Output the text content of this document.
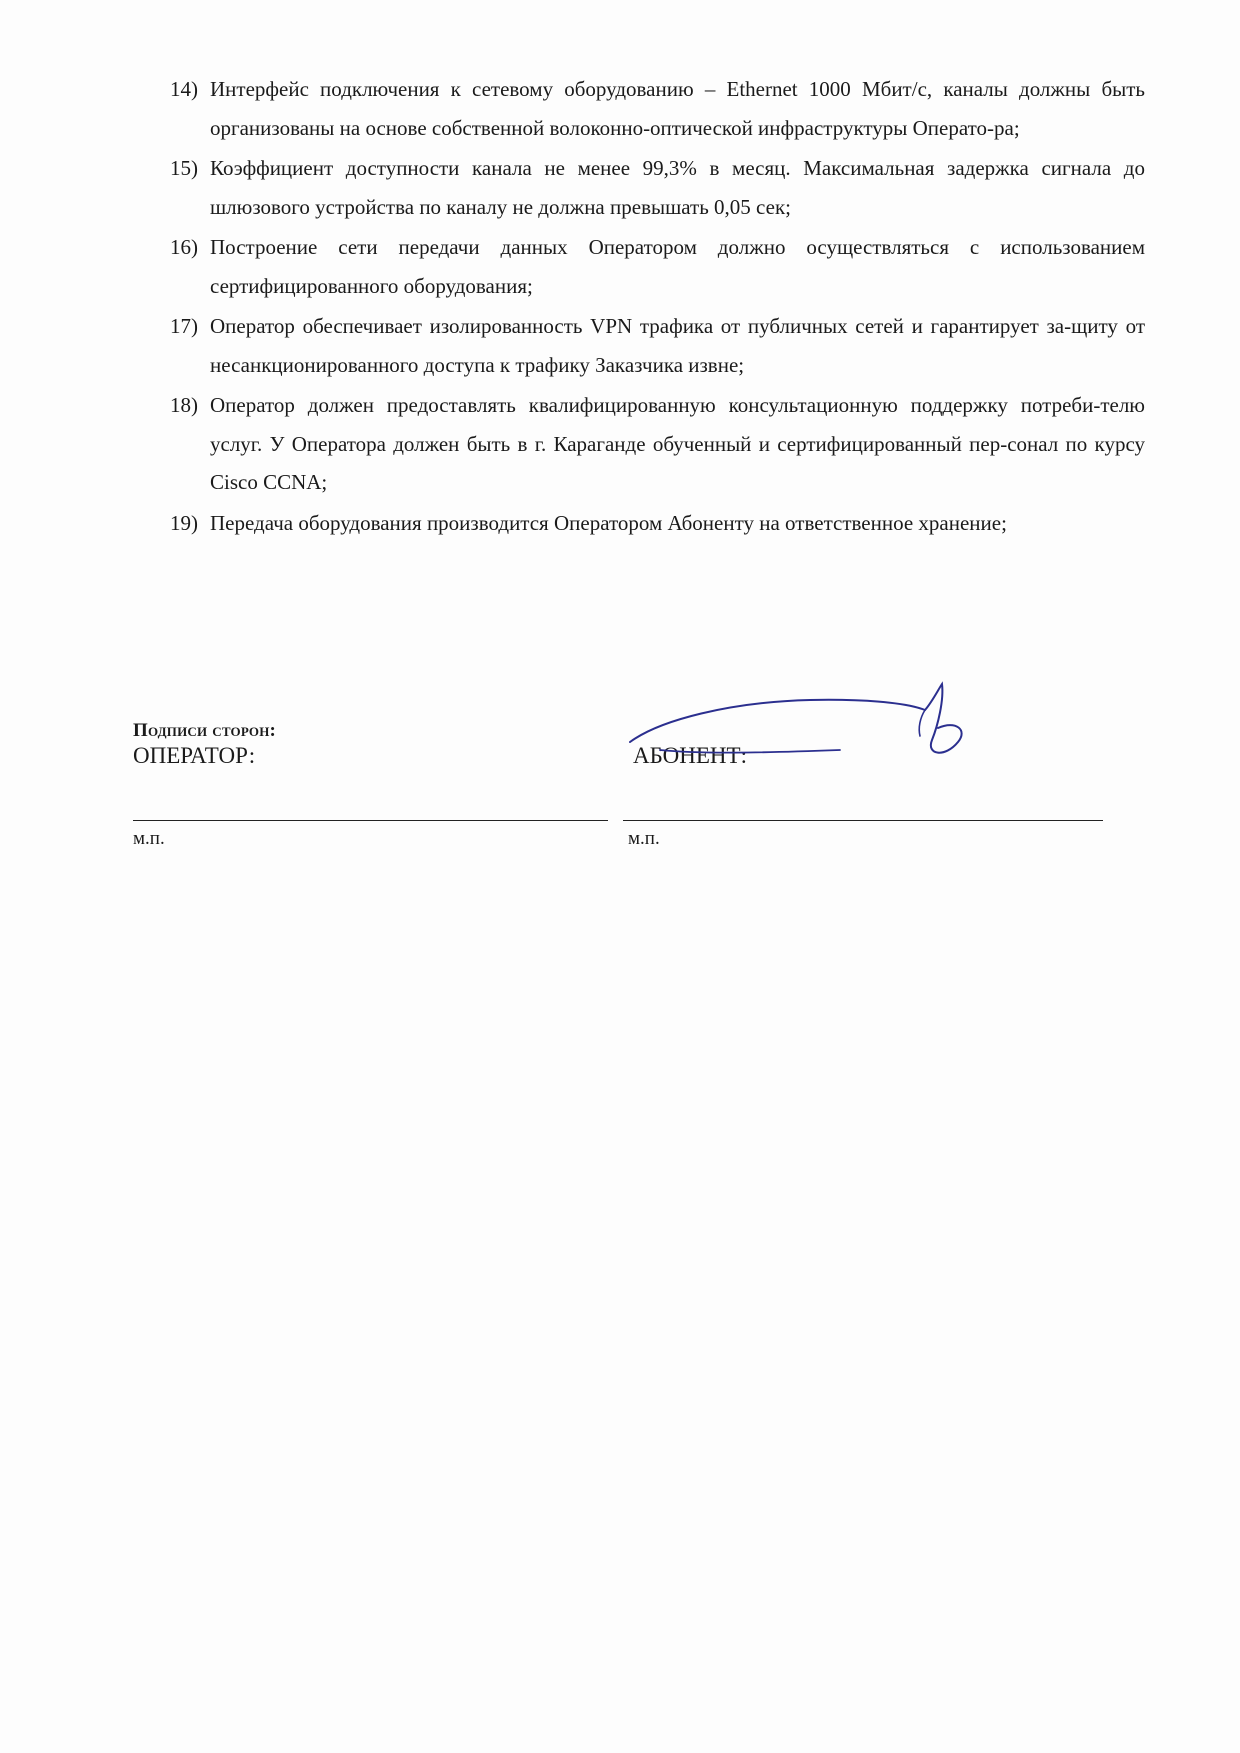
14) Интерфейс подключения к сетевому оборудованию – Ethernet 1000 Мбит/с, каналы должны быть организованы на основе собственной волоконно-оптической инфраструктуры Операто-ра;
15) Коэффициент доступности канала не менее 99,3% в месяц. Максимальная задержка сигнала до шлюзового устройства по каналу не должна превышать 0,05 сек;
16) Построение сети передачи данных Оператором должно осуществляться с использованием сертифицированного оборудования;
17) Оператор обеспечивает изолированность VPN трафика от публичных сетей и гарантирует за-щиту от несанкционированного доступа к трафику Заказчика извне;
18) Оператор должен предоставлять квалифицированную консультационную поддержку потреби-телю услуг. У Оператора должен быть в г. Караганде обученный и сертифицированный пер-сонал по курсу Cisco CCNA;
19) Передача оборудования производится Оператором Абоненту на ответственное хранение;
Подписи сторон:
ОПЕРАТОР:	АБОНЕНТ:
м.п.	м.п.
